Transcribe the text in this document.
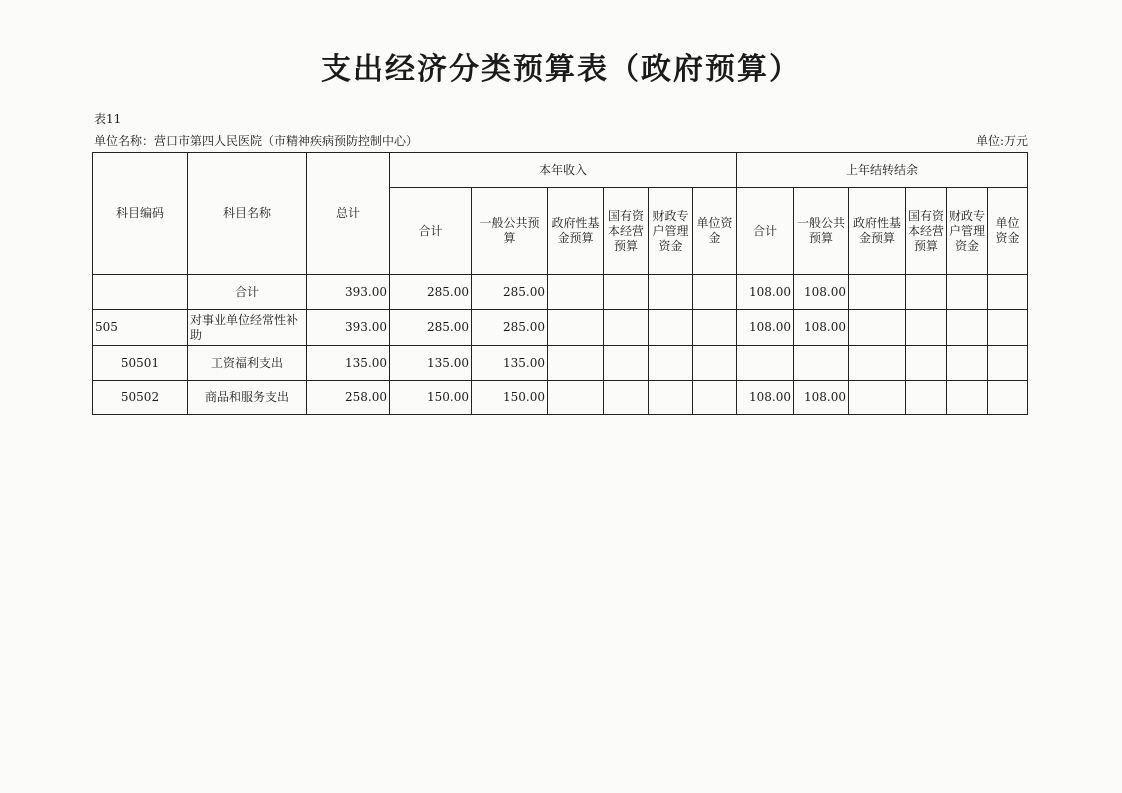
支出经济分类预算表（政府预算）
表11
单位名称：营口市第四人民医院（市精神疾病预防控制中心）	单位:万元
科目编码	科目名称	总计	本年收入						上年结转结余					
			合计	一般公共预算	政府性基金预算	国有资本经营预算	财政专户管理资金	单位资金	合计	一般公共预算	政府性基金预算	国有资本经营预算	财政专户管理资金	单位资金
	合计	393.00	285.00	285.00					108.00	108.00				
505	对事业单位经常性补助	393.00	285.00	285.00					108.00	108.00				
50501	工资福利支出	135.00	135.00	135.00										
50502	商品和服务支出	258.00	150.00	150.00					108.00	108.00				
